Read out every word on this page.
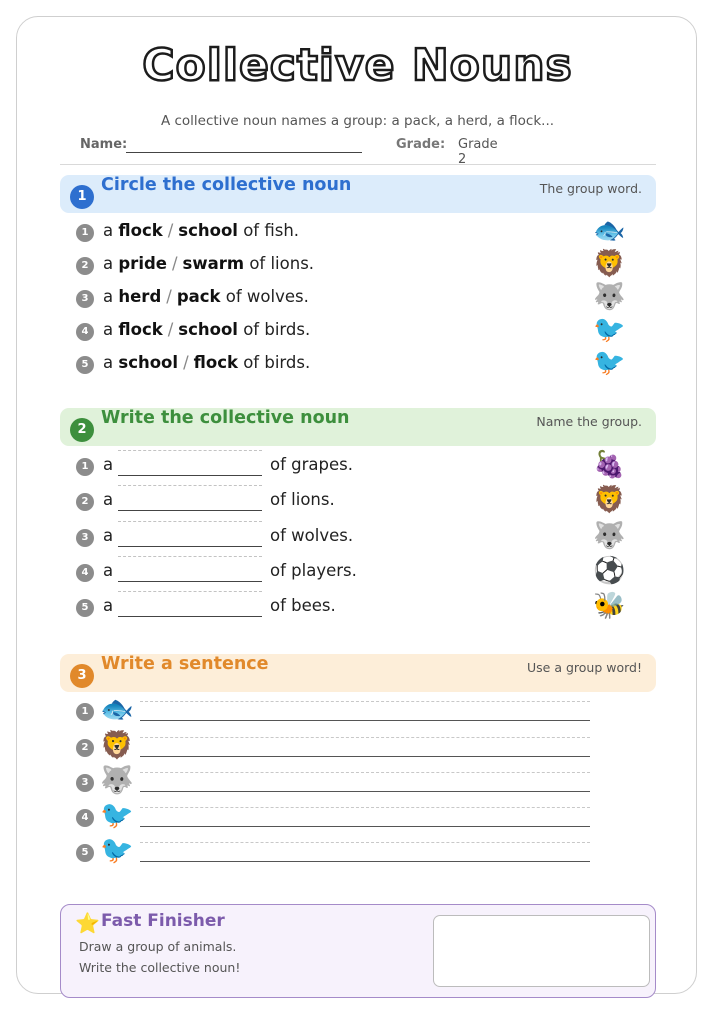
Collective Nouns
A collective noun names a group: a pack, a herd, a flock...
Name:	Grade: Grade 2
1
Circle the collective noun	The group word.
1 a flock / school of fish.	🐟
2 a pride / swarm of lions.	🦁
3 a herd / pack of wolves.	🐺
4 a flock / school of birds.	🐦
5 a school / flock of birds.	🐦
2
Write the collective noun	Name the group.
1 a	of grapes.	🍇
2 a	of lions.	🦁
3 a	of wolves.	🐺
4 a	of players.	⚽
5 a	of bees.	🐝
3
Write a sentence	Use a group word!
1 🐟
2 🦁
3 🐺
4 🐦
5 🐦
⭐ Fast Finisher
Draw a group of animals.
Write the collective noun!
